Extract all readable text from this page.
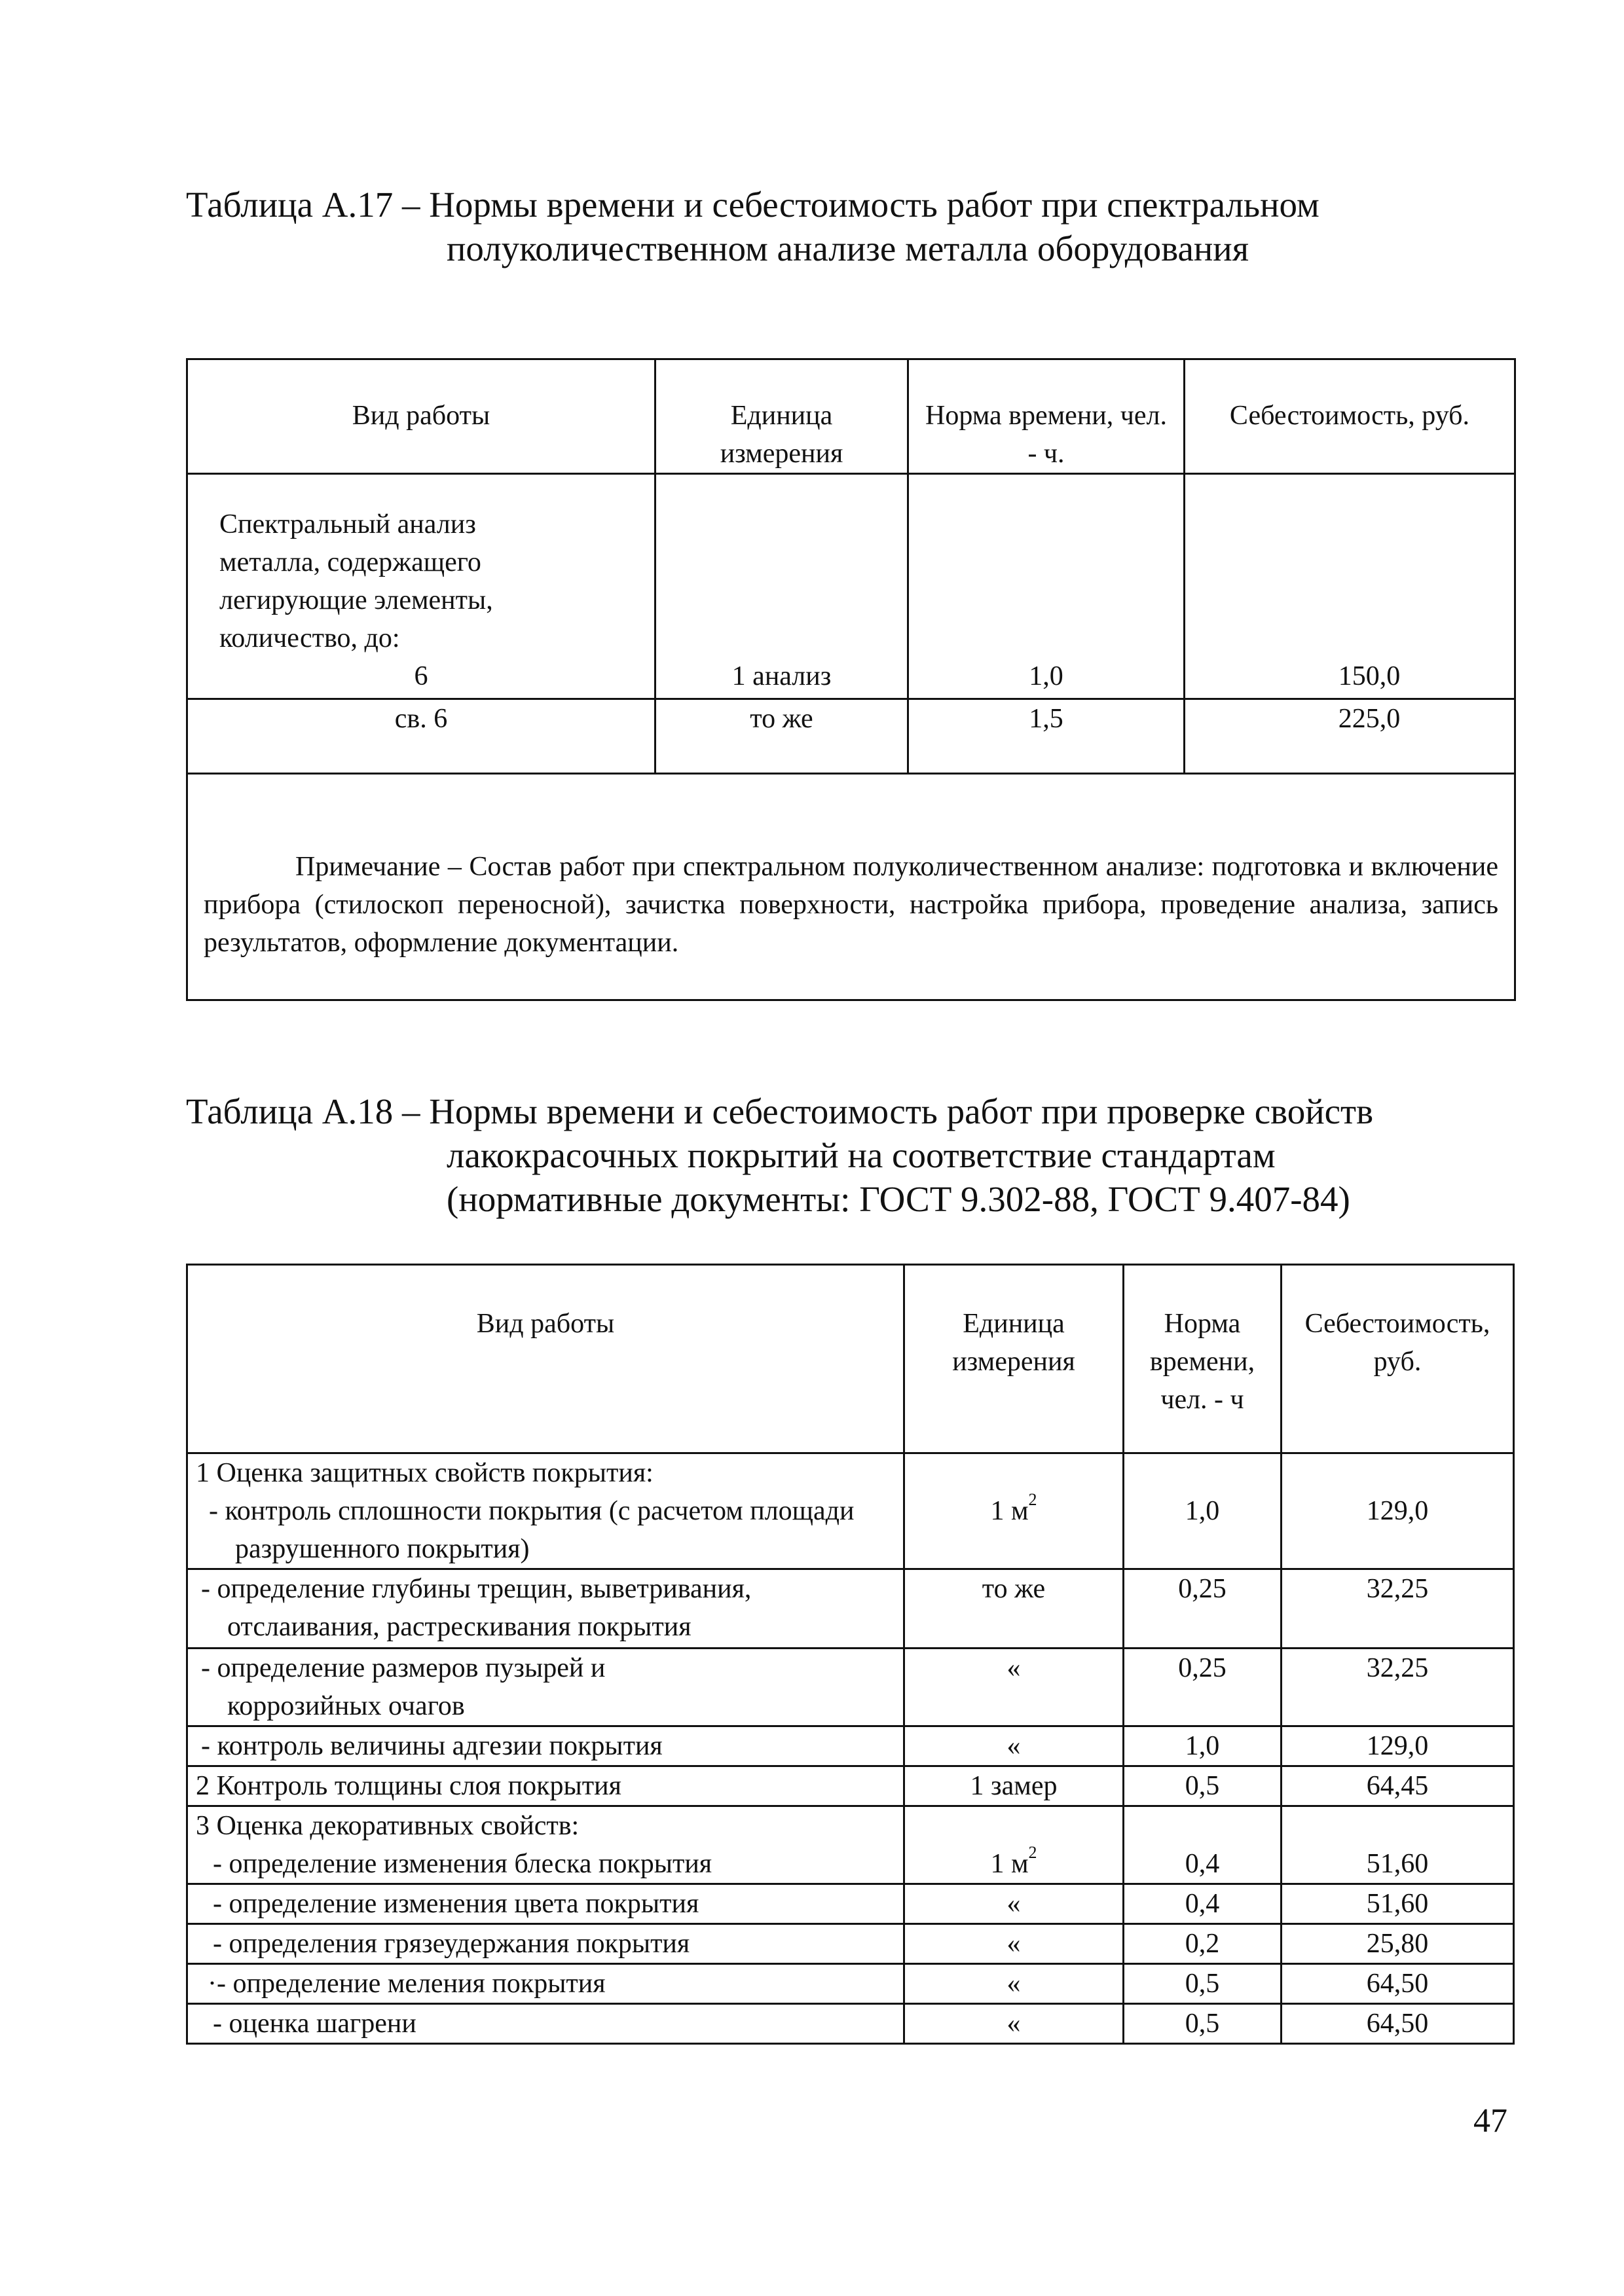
Таблица А.17 – Нормы времени и себестоимость работ при спектральном
полуколичественном анализе металла оборудования
Вид работы	Единица измерения	Норма времени, чел. - ч.	Себестоимость, руб.

Спектральный анализ
металла, содержащего
легирующие элементы,
количество, до:
6	1 анализ	1,0	150,0
св. 6	то же	1,5	225,0
Примечание – Состав работ при спектральном полуколичественном анализе: подготовка и включение прибора (стилоскоп переносной), зачистка поверхности, настройка прибора, проведение анализа, запись результатов, оформление документации.			
Таблица А.18 – Нормы времени и себестоимость работ при проверке свойств
лакокрасочных покрытий на соответствие стандартам
(нормативные документы: ГОСТ 9.302-88, ГОСТ 9.407-84)
Вид работы	Единица измерения	Норма времени, чел. - ч	Себестоимость, руб.

1 Оценка защитных свойств покрытия:
- контроль сплошности покрытия (с расчетом площади разрушенного покрытия)	1 $м^2$	1,0	129,0
- определение глубины трещин, выветривания, отслаивания, растрескивания покрытия	то же	0,25	32,25
- определение размеров пузырей и коррозийных очагов	«	0,25	32,25
- контроль величины адгезии покрытия	«	1,0	129,0
2 Контроль толщины слоя покрытия	1 замер	0,5	64,45

3 Оценка декоративных свойств:
- определение изменения блеска покрытия	1 $м^2$	0,4	51,60
- определение изменения цвета покрытия	«	0,4	51,60
- определения грязеудержания покрытия	«	0,2	25,80
·- определение меления покрытия	«	0,5	64,50
- оценка шагрени	«	0,5	64,50
47
